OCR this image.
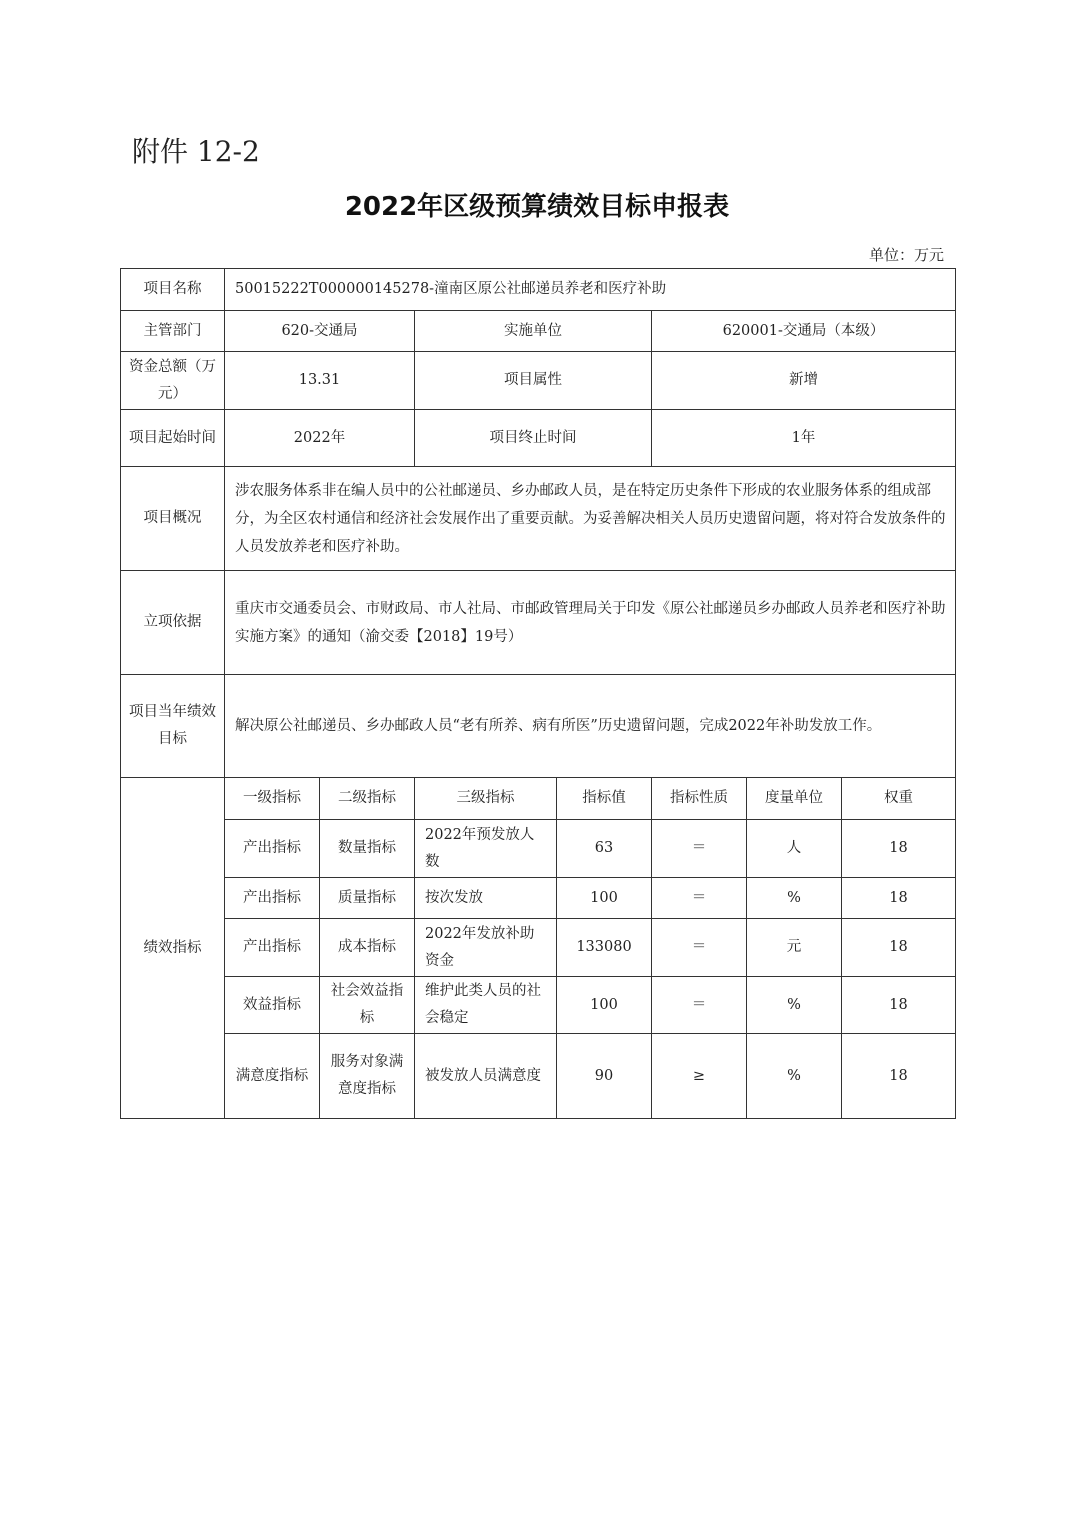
附件 12-2
2022年区级预算绩效目标申报表
单位：万元
项目名称	50015222T000000145278-潼南区原公社邮递员养老和医疗补助						
主管部门	620-交通局		实施单位		620001-交通局（本级）		
资金总额（万元）	13.31		项目属性		新增		
项目起始时间	2022年		项目终止时间		1年		
项目概况	涉农服务体系非在编人员中的公社邮递员、乡办邮政人员，是在特定历史条件下形成的农业服务体系的组成部分，为全区农村通信和经济社会发展作出了重要贡献。为妥善解决相关人员历史遗留问题，将对符合发放条件的人员发放养老和医疗补助。						
立项依据	重庆市交通委员会、市财政局、市人社局、市邮政管理局关于印发《原公社邮递员乡办邮政人员养老和医疗补助实施方案》的通知（渝交委【2018】19号）						
项目当年绩效目标	解决原公社邮递员、乡办邮政人员“老有所养、病有所医”历史遗留问题，完成2022年补助发放工作。						
绩效指标	一级指标	二级指标	三级指标	指标值	指标性质	度量单位	权重
	产出指标	数量指标	2022年预发放人数	63	＝	人	18
	产出指标	质量指标	按次发放	100	＝	%	18
	产出指标	成本指标	2022年发放补助资金	133080	＝	元	18
	效益指标	社会效益指标	维护此类人员的社会稳定	100	＝	%	18
	满意度指标	服务对象满意度指标	被发放人员满意度	90	≥	%	18
